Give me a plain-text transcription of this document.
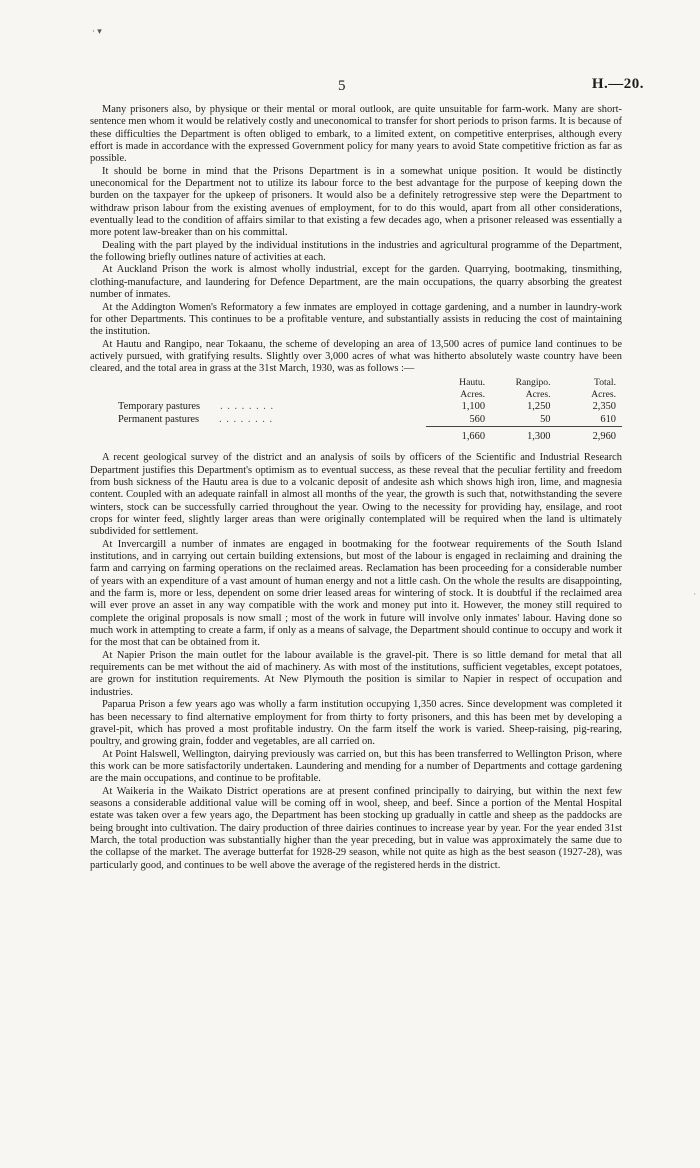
· ▾
5	H.—20.

Many prisoners also, by physique or their mental or moral outlook, are quite unsuitable for farm-work. Many are short-sentence men whom it would be relatively costly and uneconomical to transfer for short periods to prison farms. It is because of these difficulties the Department is often obliged to embark, to a limited extent, on competitive enterprises, although every effort is made in accordance with the expressed Government policy for many years to avoid State competitive friction as far as possible.

It should be borne in mind that the Prisons Department is in a somewhat unique position. It would be distinctly uneconomical for the Department not to utilize its labour force to the best advantage for the purpose of keeping down the burden on the taxpayer for the upkeep of prisoners. It would also be a definitely retrogressive step were the Department to withdraw prison labour from the existing avenues of employment, for to do this would, apart from all other considerations, eventually lead to the condition of affairs similar to that existing a few decades ago, when a prisoner released was essentially a more potent law-breaker than on his committal.

Dealing with the part played by the individual institutions in the industries and agricultural programme of the Department, the following briefly outlines nature of activities at each.

At Auckland Prison the work is almost wholly industrial, except for the garden. Quarrying, bootmaking, tinsmithing, clothing-manufacture, and laundering for Defence Department, are the main occupations, the quarry absorbing the greatest number of inmates.

At the Addington Women's Reformatory a few inmates are employed in cottage gardening, and a number in laundry-work for other Departments. This continues to be a profitable venture, and substantially assists in reducing the cost of maintaining the institution.

At Hautu and Rangipo, near Tokaanu, the scheme of developing an area of 13,500 acres of pumice land continues to be actively pursued, with gratifying results. Slightly over 3,000 acres of what was hitherto absolutely waste country have been cleared, and the total area in grass at the 31st March, 1930, was as follows :—

	Hautu.	Rangipo.	Total.
	Acres.	Acres.	Acres.
Temporary pastures . . . . . . . .	1,100	1,250	2,350
Permanent pastures . . . . . . . .	560	50	610
	1,660	1,300	2,960

A recent geological survey of the district and an analysis of soils by officers of the Scientific and Industrial Research Department justifies this Department's optimism as to eventual success, as these reveal that the peculiar fertility and freedom from bush sickness of the Hautu area is due to a volcanic deposit of andesite ash which shows high iron, lime, and magnesia content. Coupled with an adequate rainfall in almost all months of the year, the growth is such that, notwithstanding the severe winters, stock can be successfully carried throughout the year. Owing to the necessity for providing hay, ensilage, and root crops for winter feed, slightly larger areas than were originally contemplated will be required when the land is ultimately subdivided for settlement.

At Invercargill a number of inmates are engaged in bootmaking for the footwear requirements of the South Island institutions, and in carrying out certain building extensions, but most of the labour is engaged in reclaiming and draining the farm and carrying on farming operations on the reclaimed areas. Reclamation has been proceeding for a considerable number of years with an expenditure of a vast amount of human energy and not a little cash. On the whole the results are disappointing, and the farm is, more or less, dependent on some drier leased areas for wintering of stock. It is doubtful if the reclaimed area will ever prove an asset in any way compatible with the work and money put into it. However, the money still required to complete the original proposals is now small ; most of the work in future will involve only inmates' labour. Having done so much work in attempting to create a farm, if only as a means of salvage, the Department should continue to occupy and work it for the most that can be obtained from it.

At Napier Prison the main outlet for the labour available is the gravel-pit. There is so little demand for metal that all requirements can be met without the aid of machinery. As with most of the institutions, sufficient vegetables, except potatoes, are grown for institution requirements. At New Plymouth the position is similar to Napier in respect of occupation and industries.

Paparua Prison a few years ago was wholly a farm institution occupying 1,350 acres. Since development was completed it has been necessary to find alternative employment for from thirty to forty prisoners, and this has been met by developing a gravel-pit, which has proved a most profitable industry. On the farm itself the work is varied. Sheep-raising, pig-rearing, poultry, and growing grain, fodder and vegetables, are all carried on.

At Point Halswell, Wellington, dairying previously was carried on, but this has been transferred to Wellington Prison, where this work can be more satisfactorily undertaken. Laundering and mending for a number of Departments and cottage gardening are the main occupations, and continue to be profitable.

At Waikeria in the Waikato District operations are at present confined principally to dairying, but within the next few seasons a considerable additional value will be coming off in wool, sheep, and beef. Since a portion of the Mental Hospital estate was taken over a few years ago, the Department has been stocking up gradually in cattle and sheep as the paddocks are being brought into cultivation. The dairy production of three dairies continues to increase year by year. For the year ended 31st March, the total production was substantially higher than the year preceding, but in value was approximately the same due to the collapse of the market. The average butterfat for 1928-29 season, while not quite as high as the best season (1927-28), was particularly good, and continues to be well above the average of the registered herds in the district.

·
